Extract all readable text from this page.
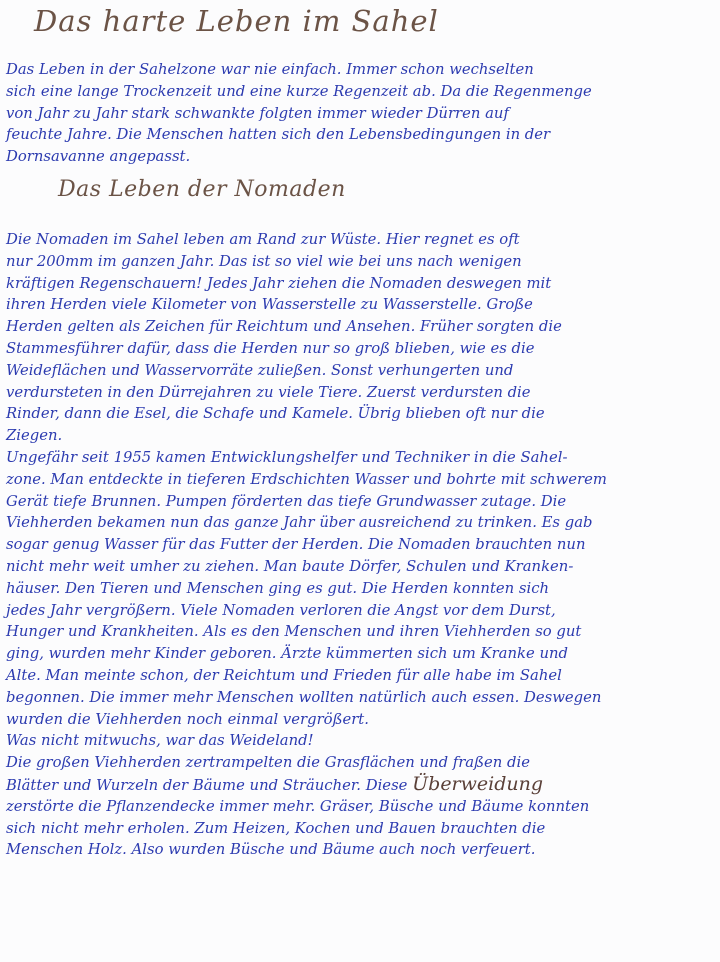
Das harte Leben im Sahel
Das Leben in der Sahelzone war nie einfach. Immer schon wechselten
sich eine lange Trockenzeit und eine kurze Regenzeit ab. Da die Regenmenge
von Jahr zu Jahr stark schwankte folgten immer wieder Dürren auf
feuchte Jahre. Die Menschen hatten sich den Lebensbedingungen in der
Dornsavanne angepasst.
Das Leben der Nomaden
Die Nomaden im Sahel leben am Rand zur Wüste. Hier regnet es oft
nur 200mm im ganzen Jahr. Das ist so viel wie bei uns nach wenigen
kräftigen Regenschauern! Jedes Jahr ziehen die Nomaden deswegen mit
ihren Herden viele Kilometer von Wasserstelle zu Wasserstelle. Große
Herden gelten als Zeichen für Reichtum und Ansehen. Früher sorgten die
Stammesführer dafür, dass die Herden nur so groß blieben, wie es die
Weideflächen und Wasservorräte zuließen. Sonst verhungerten und
verdursteten in den Dürrejahren zu viele Tiere. Zuerst verdursten die
Rinder, dann die Esel, die Schafe und Kamele. Übrig blieben oft nur die
Ziegen.
Ungefähr seit 1955 kamen Entwicklungshelfer und Techniker in die Sahel-
zone. Man entdeckte in tieferen Erdschichten Wasser und bohrte mit schwerem
Gerät tiefe Brunnen. Pumpen förderten das tiefe Grundwasser zutage. Die
Viehherden bekamen nun das ganze Jahr über ausreichend zu trinken. Es gab
sogar genug Wasser für das Futter der Herden. Die Nomaden brauchten nun
nicht mehr weit umher zu ziehen. Man baute Dörfer, Schulen und Kranken-
häuser. Den Tieren und Menschen ging es gut. Die Herden konnten sich
jedes Jahr vergrößern. Viele Nomaden verloren die Angst vor dem Durst,
Hunger und Krankheiten. Als es den Menschen und ihren Viehherden so gut
ging, wurden mehr Kinder geboren. Ärzte kümmerten sich um Kranke und
Alte. Man meinte schon, der Reichtum und Frieden für alle habe im Sahel
begonnen. Die immer mehr Menschen wollten natürlich auch essen. Deswegen
wurden die Viehherden noch einmal vergrößert.
Was nicht mitwuchs, war das Weideland!
Die großen Viehherden zertrampelten die Grasflächen und fraßen die
Blätter und Wurzeln der Bäume und Sträucher. Diese Überweidung
zerstörte die Pflanzendecke immer mehr. Gräser, Büsche und Bäume konnten
sich nicht mehr erholen. Zum Heizen, Kochen und Bauen brauchten die
Menschen Holz. Also wurden Büsche und Bäume auch noch verfeuert.
